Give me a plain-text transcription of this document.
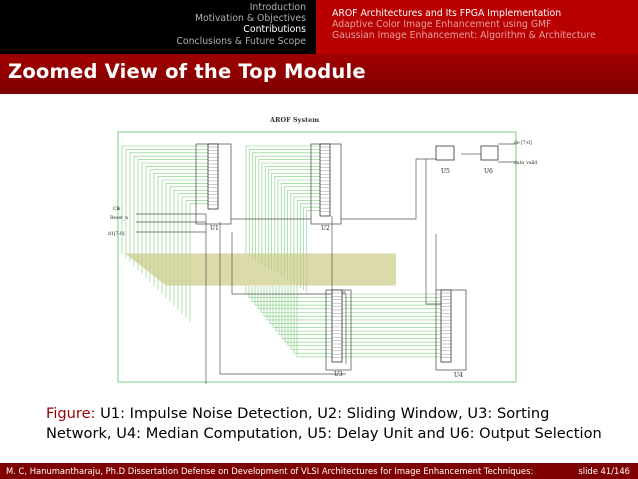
Introduction
Motivation & Objectives
Contributions
Conclusions & Future Scope
AROF Architectures and Its FPGA Implementation
Adaptive Color Image Enhancement using GMF
Gaussian Image Enhancement: Algorithm & Architecture
Zoomed View of the Top Module
AROF System
U1	U2
U3	U4
U5	U6
Clk
Reset_n
d1[7:0]
do [7:0]
data_valid
Figure: U1: Impulse Noise Detection, U2: Sliding Window, U3: Sorting Network, U4: Median Computation, U5: Delay Unit and U6: Output Selection
M. C, Hanumantharaju, Ph.D Dissertation Defense on Development of VLSI Architectures for Image Enhancement Techniques:	slide 41/146
